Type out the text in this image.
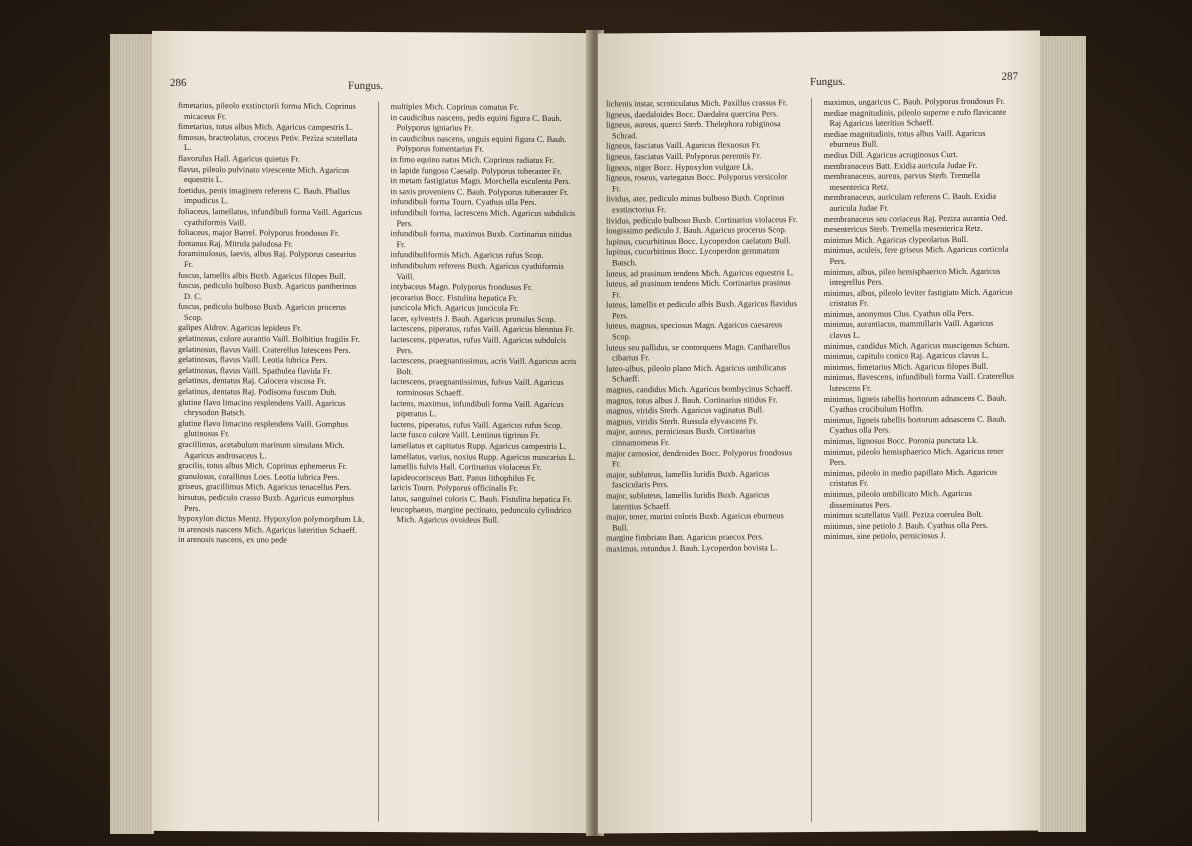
286	Fungus.

fimetarius, pileolo exstinctorii forma Mich. Coprinus micaceus Fr.

fimetarius, totus albus Mich. Agaricus campestris L.

fimosus, bracteolatus, croceus Petiv. Peziza scutellata L.

flavorulus Hall. Agaricus quietus Fr.

flavus, pileolo pulvinato virescente Mich. Agaricus equestris L.

foetidus, penis imaginem referens C. Bauh. Phallus impudicus L.

foliaceus, lamellatus, infundibuli forma Vaill. Agaricus cyathiformis Vaill.

foliaceus, major Barrel. Polyporus frondosus Fr.

fontanus Raj. Mitrula paludosa Fr.

foraminulosus, laevis, albus Raj. Polyporus casearius Fr.

fuscus, lamellis albis Buxb. Agaricus filopes Bull.

fuscus, pediculo bulboso Buxb. Agaricus pantherinus D. C.

fuscus, pediculo bulboso Buxb. Agaricus procerus Scop.

galipes Aldrov. Agaricus lepideus Fr.

gelatinosus, colore aurantio Vaill. Bolbitius fragilis Fr.

gelatinosus, flavus Vaill. Craterellus lutescens Pers.

gelatinosus, flavus Vaill. Leotia lubrica Pers.

gelatinosus, flavus Vaill. Spathulea flavida Fr.

gelatinus, dentatus Raj. Calocera viscosa Fr.

gelatinus, dentatus Raj. Podisoma fuscum Dub.

glutine flavo limacino resplendens Vaill. Agaricus chrysodon Batsch.

glutine flavo limacino resplendens Vaill. Gomphus glutinosus Fr.

gracillimus, acetabulum marinum simulans Mich. Agaricus androsaceus L.

gracilis, totus albus Mich. Coprinus ephemerus Fr.

granulosus, corallinus Loes. Leotia lubrica Pers.

griseus, gracillimus Mich. Agaricus tenacellus Pers.

hirsutus, pediculo crasso Buxb. Agaricus eumorphus Pers.

hypoxylon dictus Mentz. Hypoxylon polymorphum Lk.

in arenosis nascens Mich. Agaricus lateritius Schaeff.

in arenosis nascens, ex uno pede

multiplex Mich. Coprinus comatus Fr.

in caudicibus nascens, pedis equini figura C. Bauh. Polyporus igniarius Fr.

in caudicibus nascens, unguis equini figura C. Bauh. Polyporus fomentarius Fr.

in fimo equino natus Mich. Coprinus radiatus Fr.

in lapide fungoso Caesalp. Polyporus tuberaster Fr.

in metam fastigiatus Magn. Morchella esculenta Pers.

in saxis proveniens C. Bauh. Polyporus tuberaster Fr.

infundibuli forma Tourn. Cyathus olla Pers.

infundibuli forma, lactescens Mich. Agaricus subdulcis Pers.

infundibuli forma, maximus Buxb. Cortinarius nitidus Fr.

infundibuliformis Mich. Agaricus rufus Scop.

infundibulum referens Buxb. Agaricus cyathiformis Vaill.

intybaceus Magn. Polyporus frondosus Fr.

jecorarius Bocc. Fistulina hepatica Fr.

juncicola Mich. Agaricus juncicola Fr.

lacer, sylvestris J. Bauh. Agaricus prunulus Scop.

lactescens, piperatus, rufus Vaill. Agaricus blennius Fr.

lactescens, piperatus, rufus Vaill. Agaricus subdulcis Pers.

lactescens, praegnantissimus, acris Vaill. Agaricus acris Bolt.

lactescens, praegnantissimus, fulvus Vaill. Agaricus torminosus Schaeff.

lactens, maximus, infundibuli forma Vaill. Agaricus piperatus L.

luctens, piperatus, rufus Vaill. Agaricus rufus Scop.

lacte fusco colore Vaill. Lentinus tigrinus Fr.

lamellatus et capitatus Rupp. Agaricus campestris L.

lamellatus, varius, noxius Rupp. Agaricus muscarius L.

lamellis fulvis Hall. Cortinarius violaceus Fr.

lapideocorisceus Batt. Panus lithophilus Fr.

laricis Tourn. Polyporus officinalis Fr.

latus, sanguinei coloris C. Bauh. Fistulina hepatica Fr.

leucophaeus, margine pectinato, pedunculo cylindrico Mich. Agaricus ovoideus Bull.

Fungus.	287

lichenis instar, scroticulatus Mich. Paxillus crassus Fr.

ligneus, daedaloides Bocc. Daedalea quercina Pers.

ligneus, aureus, querci Sterb. Thelephora rubiginosa Schrad.

ligneus, fasciatus Vaill. Agaricus flexuosus Fr.

ligneus, fasciatus Vaill. Polyporus perennis Fr.

ligneus, niger Bocc. Hypoxylon vulgare Lk.

ligneus, roseus, variegatus Bocc. Polyporus versicolor Fr.

lividus, ater, pediculo minus bulboso Buxb. Coprinus exstinctorius Fr.

lividus, pediculo bulboso Buxb. Cortinarius violaceus Fr.

longissimo pediculo J. Bauh. Agaricus procerus Scop.

lupinus, cucurbitinus Bocc. Lycoperdon caelatum Bull.

lupinus, cucurbitinus Bocc. Lycoperdon gemmatum Batsch.

luteus, ad prasinum tendens Mich. Agaricus equestris L.

luteus, ad prasinum tendens Mich. Cortinarius prasinus Fr.

luteus, lamellis et pediculo albis Buxb. Agaricus flavidus Pers.

luteus, magnus, speciosus Magn. Agaricus caesareus Scop.

luteus seu pallidus, se contorquens Magn. Cantharellus cibarius Fr.

luteo-albus, pileolo plano Mich. Agaricus umbilicatus Schaeff.

magnus, candidus Mich. Agaricus bombycinus Schaeff.

magnus, totus albus J. Bauh. Cortinarius nitidus Fr.

magnus, viridis Sterb. Agaricus vaginatus Bull.

magnus, viridis Sterb. Russula elyvascens Fr.

major, aureus, perniciosus Buxb. Cortinarius cinnamomeus Fr.

major carnosior, dendroides Bocc. Polyporus frondosus Fr.

major, subluteus, lamellis luridis Buxb. Agaricus fascicularis Pers.

major, subluteus, lamellis luridis Buxb. Agaricus lateritius Schaeff.

major, tener, murini coloris Buxb. Agaricus eburneus Bull.

margine fimbriato Batt. Agaricus praecox Pers.

maximus, rotundus J. Bauh. Lycoperdon bovista L.

maximus, ungaricus C. Bauh. Polyporus frondosus Fr.

mediae magnitudinis, pileolo superne e rufo flavicante Raj Agaricus lateritius Schaeff.

mediae magnitudinis, totus albus Vaill. Agaricus eburneus Bull.

medius Dill. Agaricus acruginosus Curt.

membranaceus Batt. Exidia auricula Judae Fr.

membranaceus, aureus, parvus Sterb. Tremella mesenterica Retz.

membranaceus, auriculam referens C. Bauh. Exidia auricula Judae Fr.

membranaceus seu coriaceus Raj. Peziza aurantia Oed.

mesentericus Sterb. Tremella mesenterica Retz.

minimus Mich. Agaricus clypeolarius Bull.

minimus, aculeis, fere griseus Mich. Agaricus corticola Pers.

minimus, albus, pileo hemisphaerico Mich. Agaricus integrellus Pers.

minimus, albus, pileolo leviter fastigiato Mich. Agaricus cristatus Fr.

minimus, anonymus Clus. Cyathus olla Pers.

minimus, aurantiacus, mammillaris Vaill. Agaricus clavus L.

minimus, candidus Mich. Agaricus muscigenus Schum.

minimus, capitulo conico Raj. Agaricus clavus L.

minimus, fimetarius Mich. Agaricus filopes Bull.

minimus, flavescens, infundibuli forma Vaill. Craterellus lutescens Fr.

minimus, ligneis tabellis hortorum adnascens C. Bauh. Cyathus crucibulum Hoffm.

minimus, ligneis tabellis hortorum adnascens C. Bauh. Cyathus olla Pers.

minimus, lignosus Bocc. Poronia punctata Lk.

minimus, pileolo hemisphaerico Mich. Agaricus tener Pers.

minimus, pileolo in medio papillato Mich. Agaricus cristatus Fr.

minimus, pileolo umbilicato Mich. Agaricus disseminatus Pers.

minimus scutellatus Vaill. Peziza coerulea Bolt.

minimus, sine petiolo J. Bauh. Cyathus olla Pers.

minimus, sine petiolo, perniciosus J.
